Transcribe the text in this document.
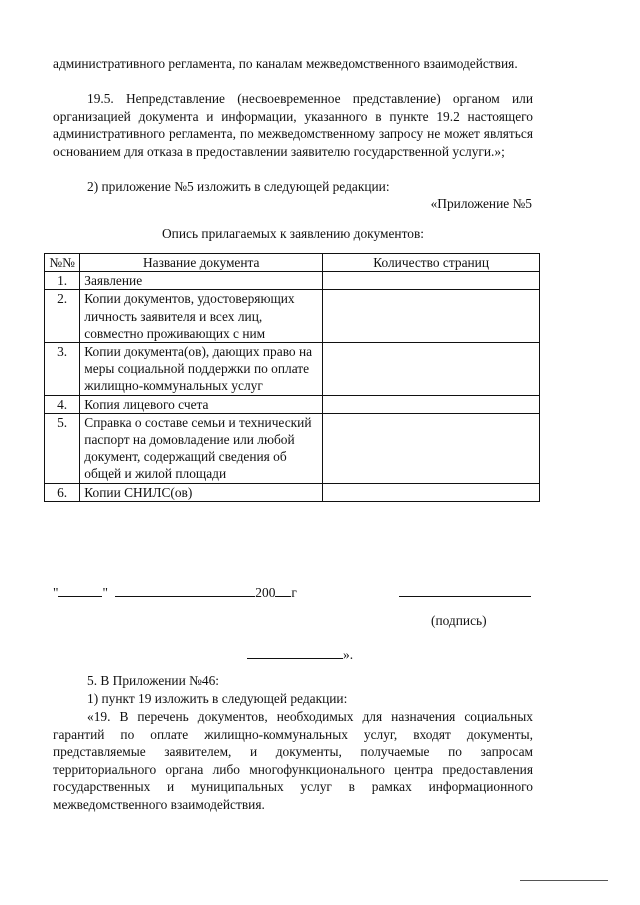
административного регламента, по каналам межведомственного взаимодействия.
19.5. Непредставление (несвоевременное представление) органом или организацией документа и информации, указанного в пункте 19.2 настоящего административного регламента, по межведомственному запросу не может являться основанием для отказа в предоставлении заявителю государственной услуги.»;
2) приложение №5 изложить в следующей редакции:
«Приложение №5
Опись прилагаемых к заявлению документов:
№№	Название документа	Количество страниц
1.	Заявление	
2.	Копии документов, удостоверяющих личность заявителя и всех лиц, совместно проживающих с ним	
3.	Копии документа(ов), дающих право на меры социальной поддержки по оплате жилищно-коммунальных услуг	
4.	Копия лицевого счета	
5.	Справка о составе семьи и технический паспорт на домовладение или любой документ, содержащий сведения об общей и жилой площади	
6.	Копии СНИЛС(ов)	
"	"	200 г
(подпись)
».
5. В Приложении №46:
1) пункт 19 изложить в следующей редакции:
«19. В перечень документов, необходимых для назначения социальных гарантий по оплате жилищно-коммунальных услуг, входят документы, представляемые заявителем, и документы, получаемые по запросам территориального органа либо многофункционального центра предоставления государственных и муниципальных услуг в рамках информационного межведомственного взаимодействия.
